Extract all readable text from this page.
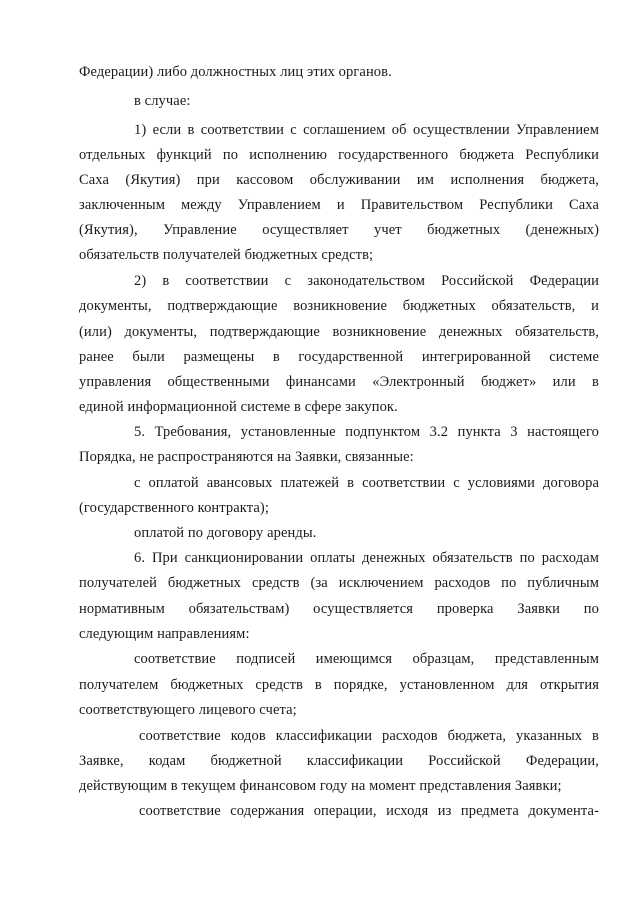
Федерации) либо должностных лиц этих органов.
в случае:
1) если в соответствии с соглашением об осуществлении Управлением
отдельных функций по исполнению государственного бюджета Республики
Саха (Якутия) при кассовом обслуживании им исполнения бюджета,
заключенным между Управлением и Правительством Республики Саха
(Якутия), Управление осуществляет учет бюджетных (денежных)
обязательств получателей бюджетных средств;
2) в соответствии с законодательством Российской Федерации
документы, подтверждающие возникновение бюджетных обязательств, и
(или) документы, подтверждающие возникновение денежных обязательств,
ранее были размещены в государственной интегрированной системе
управления общественными финансами «Электронный бюджет» или в
единой информационной системе в сфере закупок.
5. Требования, установленные подпунктом 3.2 пункта 3 настоящего
Порядка, не распространяются на Заявки, связанные:
с оплатой авансовых платежей в соответствии с условиями договора
(государственного контракта);
оплатой по договору аренды.
6. При санкционировании оплаты денежных обязательств по расходам
получателей бюджетных средств (за исключением расходов по публичным
нормативным обязательствам) осуществляется проверка Заявки по
следующим направлениям:
соответствие подписей имеющимся образцам, представленным
получателем бюджетных средств в порядке, установленном для открытия
соответствующего лицевого счета;
соответствие кодов классификации расходов бюджета, указанных в
Заявке, кодам бюджетной классификации Российской Федерации,
действующим в текущем финансовом году на момент представления Заявки;
соответствие содержания операции, исходя из предмета документа-
